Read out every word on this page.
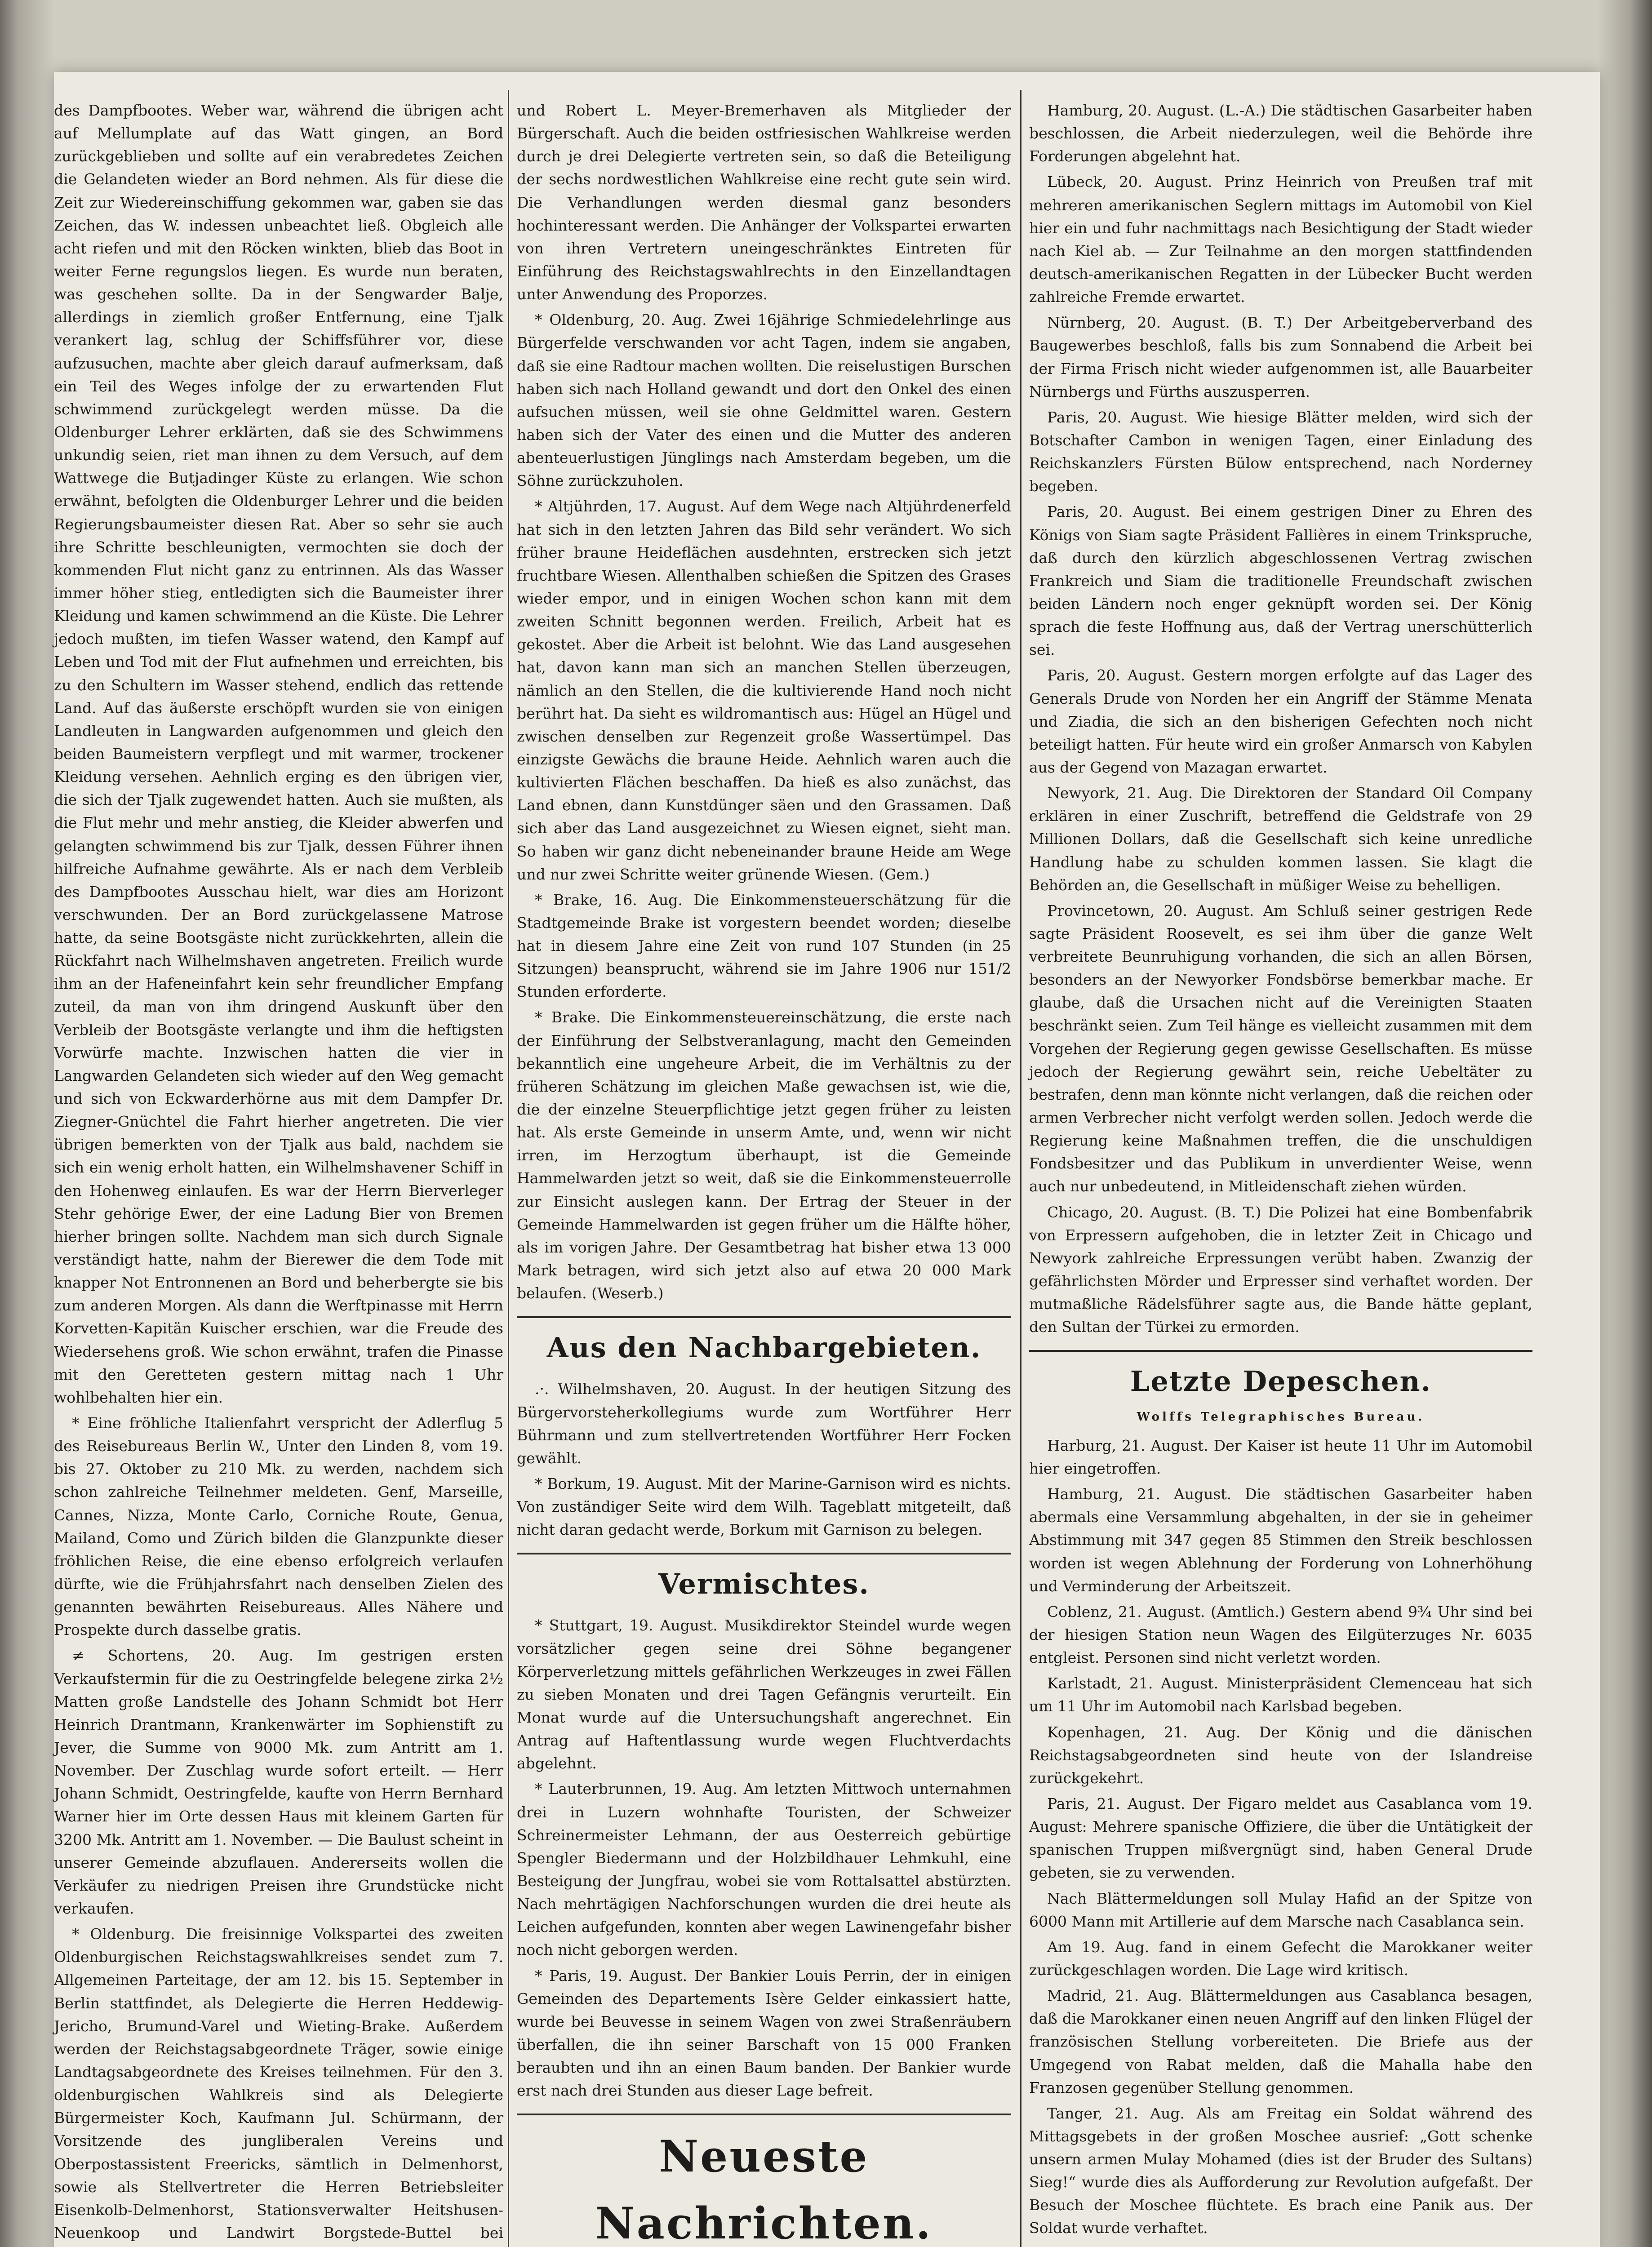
des Dampfbootes. Weber war, während die übrigen acht auf Mellumplate auf das Watt gingen, an Bord zurückgeblieben und sollte auf ein verabredetes Zeichen die Gelandeten wieder an Bord nehmen. Als für diese die Zeit zur Wiedereinschiffung gekommen war, gaben sie das Zeichen, das W. indessen unbeachtet ließ. Obgleich alle acht riefen und mit den Röcken winkten, blieb das Boot in weiter Ferne regungslos liegen. Es wurde nun beraten, was geschehen sollte. Da in der Sengwarder Balje, allerdings in ziemlich großer Entfernung, eine Tjalk verankert lag, schlug der Schiffsführer vor, diese aufzusuchen, machte aber gleich darauf aufmerksam, daß ein Teil des Weges infolge der zu erwartenden Flut schwimmend zurückgelegt werden müsse. Da die Oldenburger Lehrer erklärten, daß sie des Schwimmens unkundig seien, riet man ihnen zu dem Versuch, auf dem Wattwege die Butjadinger Küste zu erlangen. Wie schon erwähnt, befolgten die Oldenburger Lehrer und die beiden Regierungsbaumeister diesen Rat. Aber so sehr sie auch ihre Schritte beschleunigten, vermochten sie doch der kommenden Flut nicht ganz zu entrinnen. Als das Wasser immer höher stieg, entledigten sich die Baumeister ihrer Kleidung und kamen schwimmend an die Küste. Die Lehrer jedoch mußten, im tiefen Wasser watend, den Kampf auf Leben und Tod mit der Flut aufnehmen und erreichten, bis zu den Schultern im Wasser stehend, endlich das rettende Land. Auf das äußerste erschöpft wurden sie von einigen Landleuten in Langwarden aufgenommen und gleich den beiden Baumeistern verpflegt und mit warmer, trockener Kleidung versehen. Aehnlich erging es den übrigen vier, die sich der Tjalk zugewendet hatten. Auch sie mußten, als die Flut mehr und mehr anstieg, die Kleider abwerfen und gelangten schwimmend bis zur Tjalk, dessen Führer ihnen hilfreiche Aufnahme gewährte. Als er nach dem Verbleib des Dampfbootes Ausschau hielt, war dies am Horizont verschwunden. Der an Bord zurückgelassene Matrose hatte, da seine Bootsgäste nicht zurückkehrten, allein die Rückfahrt nach Wilhelmshaven angetreten. Freilich wurde ihm an der Hafeneinfahrt kein sehr freundlicher Empfang zuteil, da man von ihm dringend Auskunft über den Verbleib der Bootsgäste verlangte und ihm die heftigsten Vorwürfe machte. Inzwischen hatten die vier in Langwarden Gelandeten sich wieder auf den Weg gemacht und sich von Eckwarderhörne aus mit dem Dampfer Dr. Ziegner-Gnüchtel die Fahrt hierher angetreten. Die vier übrigen bemerkten von der Tjalk aus bald, nachdem sie sich ein wenig erholt hatten, ein Wilhelmshavener Schiff in den Hohenweg einlaufen. Es war der Herrn Bierverleger Stehr gehörige Ewer, der eine Ladung Bier von Bremen hierher bringen sollte. Nachdem man sich durch Signale verständigt hatte, nahm der Bierewer die dem Tode mit knapper Not Entronnenen an Bord und beherbergte sie bis zum anderen Morgen. Als dann die Werftpinasse mit Herrn Korvetten-Kapitän Kuischer erschien, war die Freude des Wiedersehens groß. Wie schon erwähnt, trafen die Pinasse mit den Geretteten gestern mittag nach 1 Uhr wohlbehalten hier ein.

* Eine fröhliche Italienfahrt verspricht der Adlerflug 5 des Reisebureaus Berlin W., Unter den Linden 8, vom 19. bis 27. Oktober zu 210 Mk. zu werden, nachdem sich schon zahlreiche Teilnehmer meldeten. Genf, Marseille, Cannes, Nizza, Monte Carlo, Corniche Route, Genua, Mailand, Como und Zürich bilden die Glanzpunkte dieser fröhlichen Reise, die eine ebenso erfolgreich verlaufen dürfte, wie die Frühjahrsfahrt nach denselben Zielen des genannten bewährten Reisebureaus. Alles Nähere und Prospekte durch dasselbe gratis.

≠ Schortens, 20. Aug. Im gestrigen ersten Verkaufstermin für die zu Oestringfelde belegene zirka 2½ Matten große Landstelle des Johann Schmidt bot Herr Heinrich Drantmann, Krankenwärter im Sophienstift zu Jever, die Summe von 9000 Mk. zum Antritt am 1. November. Der Zuschlag wurde sofort erteilt. — Herr Johann Schmidt, Oestringfelde, kaufte von Herrn Bernhard Warner hier im Orte dessen Haus mit kleinem Garten für 3200 Mk. Antritt am 1. November. — Die Baulust scheint in unserer Gemeinde abzuflauen. Andererseits wollen die Verkäufer zu niedrigen Preisen ihre Grundstücke nicht verkaufen.

* Oldenburg. Die freisinnige Volkspartei des zweiten Oldenburgischen Reichstagswahlkreises sendet zum 7. Allgemeinen Parteitage, der am 12. bis 15. September in Berlin stattfindet, als Delegierte die Herren Heddewig-Jericho, Brumund-Varel und Wieting-Brake. Außerdem werden der Reichstagsabgeordnete Träger, sowie einige Landtagsabgeordnete des Kreises teilnehmen. Für den 3. oldenburgischen Wahlkreis sind als Delegierte Bürgermeister Koch, Kaufmann Jul. Schürmann, der Vorsitzende des jungliberalen Vereins und Oberpostassistent Freericks, sämtlich in Delmenhorst, sowie als Stellvertreter die Herren Betriebsleiter Eisenkolb-Delmenhorst, Stationsverwalter Heitshusen-Neuenkoop und Landwirt Borgstede-Buttel bei

und Robert L. Meyer-Bremerhaven als Mitglieder der Bürgerschaft. Auch die beiden ostfriesischen Wahlkreise werden durch je drei Delegierte vertreten sein, so daß die Beteiligung der sechs nordwestlichen Wahlkreise eine recht gute sein wird. Die Verhandlungen werden diesmal ganz besonders hochinteressant werden. Die Anhänger der Volkspartei erwarten von ihren Vertretern uneingeschränktes Eintreten für Einführung des Reichstagswahlrechts in den Einzellandtagen unter Anwendung des Proporzes.

* Oldenburg, 20. Aug. Zwei 16jährige Schmiedelehrlinge aus Bürgerfelde verschwanden vor acht Tagen, indem sie angaben, daß sie eine Radtour machen wollten. Die reiselustigen Burschen haben sich nach Holland gewandt und dort den Onkel des einen aufsuchen müssen, weil sie ohne Geldmittel waren. Gestern haben sich der Vater des einen und die Mutter des anderen abenteuerlustigen Jünglings nach Amsterdam begeben, um die Söhne zurückzuholen.

* Altjührden, 17. August. Auf dem Wege nach Altjührdenerfeld hat sich in den letzten Jahren das Bild sehr verändert. Wo sich früher braune Heideflächen ausdehnten, erstrecken sich jetzt fruchtbare Wiesen. Allenthalben schießen die Spitzen des Grases wieder empor, und in einigen Wochen schon kann mit dem zweiten Schnitt begonnen werden. Freilich, Arbeit hat es gekostet. Aber die Arbeit ist belohnt. Wie das Land ausgesehen hat, davon kann man sich an manchen Stellen überzeugen, nämlich an den Stellen, die die kultivierende Hand noch nicht berührt hat. Da sieht es wildromantisch aus: Hügel an Hügel und zwischen denselben zur Regenzeit große Wassertümpel. Das einzigste Gewächs die braune Heide. Aehnlich waren auch die kultivierten Flächen beschaffen. Da hieß es also zunächst, das Land ebnen, dann Kunstdünger säen und den Grassamen. Daß sich aber das Land ausgezeichnet zu Wiesen eignet, sieht man. So haben wir ganz dicht nebeneinander braune Heide am Wege und nur zwei Schritte weiter grünende Wiesen. (Gem.)

* Brake, 16. Aug. Die Einkommensteuerschätzung für die Stadtgemeinde Brake ist vorgestern beendet worden; dieselbe hat in diesem Jahre eine Zeit von rund 107 Stunden (in 25 Sitzungen) beansprucht, während sie im Jahre 1906 nur 151/2 Stunden erforderte.

* Brake. Die Einkommensteuereinschätzung, die erste nach der Einführung der Selbstveranlagung, macht den Gemeinden bekanntlich eine ungeheure Arbeit, die im Verhältnis zu der früheren Schätzung im gleichen Maße gewachsen ist, wie die, die der einzelne Steuerpflichtige jetzt gegen früher zu leisten hat. Als erste Gemeinde in unserm Amte, und, wenn wir nicht irren, im Herzogtum überhaupt, ist die Gemeinde Hammelwarden jetzt so weit, daß sie die Einkommensteuerrolle zur Einsicht auslegen kann. Der Ertrag der Steuer in der Gemeinde Hammelwarden ist gegen früher um die Hälfte höher, als im vorigen Jahre. Der Gesamtbetrag hat bisher etwa 13 000 Mark betragen, wird sich jetzt also auf etwa 20 000 Mark belaufen. (Weserb.)

Aus den Nachbargebieten.

.·. Wilhelmshaven, 20. August. In der heutigen Sitzung des Bürgervorsteherkollegiums wurde zum Wortführer Herr Bührmann und zum stellvertretenden Wortführer Herr Focken gewählt.

* Borkum, 19. August. Mit der Marine-Garnison wird es nichts. Von zuständiger Seite wird dem Wilh. Tageblatt mitgeteilt, daß nicht daran gedacht werde, Borkum mit Garnison zu belegen.

Vermischtes.

* Stuttgart, 19. August. Musikdirektor Steindel wurde wegen vorsätzlicher gegen seine drei Söhne begangener Körperverletzung mittels gefährlichen Werkzeuges in zwei Fällen zu sieben Monaten und drei Tagen Gefängnis verurteilt. Ein Monat wurde auf die Untersuchungshaft angerechnet. Ein Antrag auf Haftentlassung wurde wegen Fluchtverdachts abgelehnt.

* Lauterbrunnen, 19. Aug. Am letzten Mittwoch unternahmen drei in Luzern wohnhafte Touristen, der Schweizer Schreinermeister Lehmann, der aus Oesterreich gebürtige Spengler Biedermann und der Holzbildhauer Lehmkuhl, eine Besteigung der Jungfrau, wobei sie vom Rottalsattel abstürzten. Nach mehrtägigen Nachforschungen wurden die drei heute als Leichen aufgefunden, konnten aber wegen Lawinengefahr bisher noch nicht geborgen werden.

* Paris, 19. August. Der Bankier Louis Perrin, der in einigen Gemeinden des Departements Isère Gelder einkassiert hatte, wurde bei Beuvesse in seinem Wagen von zwei Straßenräubern überfallen, die ihn seiner Barschaft von 15 000 Franken beraubten und ihn an einen Baum banden. Der Bankier wurde erst nach drei Stunden aus dieser Lage befreit.

Neueste Nachrichten.

Hamburg, 20. August. (L.-A.) Die städtischen Gasarbeiter haben beschlossen, die Arbeit niederzulegen, weil die Behörde ihre Forderungen abgelehnt hat.

Lübeck, 20. August. Prinz Heinrich von Preußen traf mit mehreren amerikanischen Seglern mittags im Automobil von Kiel hier ein und fuhr nachmittags nach Besichtigung der Stadt wieder nach Kiel ab. — Zur Teilnahme an den morgen stattfindenden deutsch-amerikanischen Regatten in der Lübecker Bucht werden zahlreiche Fremde erwartet.

Nürnberg, 20. August. (B. T.) Der Arbeitgeberverband des Baugewerbes beschloß, falls bis zum Sonnabend die Arbeit bei der Firma Frisch nicht wieder aufgenommen ist, alle Bauarbeiter Nürnbergs und Fürths auszusperren.

Paris, 20. August. Wie hiesige Blätter melden, wird sich der Botschafter Cambon in wenigen Tagen, einer Einladung des Reichskanzlers Fürsten Bülow entsprechend, nach Norderney begeben.

Paris, 20. August. Bei einem gestrigen Diner zu Ehren des Königs von Siam sagte Präsident Fallières in einem Trinkspruche, daß durch den kürzlich abgeschlossenen Vertrag zwischen Frankreich und Siam die traditionelle Freundschaft zwischen beiden Ländern noch enger geknüpft worden sei. Der König sprach die feste Hoffnung aus, daß der Vertrag unerschütterlich sei.

Paris, 20. August. Gestern morgen erfolgte auf das Lager des Generals Drude von Norden her ein Angriff der Stämme Menata und Ziadia, die sich an den bisherigen Gefechten noch nicht beteiligt hatten. Für heute wird ein großer Anmarsch von Kabylen aus der Gegend von Mazagan erwartet.

Newyork, 21. Aug. Die Direktoren der Standard Oil Company erklären in einer Zuschrift, betreffend die Geldstrafe von 29 Millionen Dollars, daß die Gesellschaft sich keine unredliche Handlung habe zu schulden kommen lassen. Sie klagt die Behörden an, die Gesellschaft in müßiger Weise zu behelligen.

Provincetown, 20. August. Am Schluß seiner gestrigen Rede sagte Präsident Roosevelt, es sei ihm über die ganze Welt verbreitete Beunruhigung vorhanden, die sich an allen Börsen, besonders an der Newyorker Fondsbörse bemerkbar mache. Er glaube, daß die Ursachen nicht auf die Vereinigten Staaten beschränkt seien. Zum Teil hänge es vielleicht zusammen mit dem Vorgehen der Regierung gegen gewisse Gesellschaften. Es müsse jedoch der Regierung gewährt sein, reiche Uebeltäter zu bestrafen, denn man könnte nicht verlangen, daß die reichen oder armen Verbrecher nicht verfolgt werden sollen. Jedoch werde die Regierung keine Maßnahmen treffen, die die unschuldigen Fondsbesitzer und das Publikum in unverdienter Weise, wenn auch nur unbedeutend, in Mitleidenschaft ziehen würden.

Chicago, 20. August. (B. T.) Die Polizei hat eine Bombenfabrik von Erpressern aufgehoben, die in letzter Zeit in Chicago und Newyork zahlreiche Erpressungen verübt haben. Zwanzig der gefährlichsten Mörder und Erpresser sind verhaftet worden. Der mutmaßliche Rädelsführer sagte aus, die Bande hätte geplant, den Sultan der Türkei zu ermorden.

Letzte Depeschen.
Wolffs Telegraphisches Bureau.

Harburg, 21. August. Der Kaiser ist heute 11 Uhr im Automobil hier eingetroffen.

Hamburg, 21. August. Die städtischen Gasarbeiter haben abermals eine Versammlung abgehalten, in der sie in geheimer Abstimmung mit 347 gegen 85 Stimmen den Streik beschlossen worden ist wegen Ablehnung der Forderung von Lohnerhöhung und Verminderung der Arbeitszeit.

Coblenz, 21. August. (Amtlich.) Gestern abend 9¾ Uhr sind bei der hiesigen Station neun Wagen des Eilgüterzuges Nr. 6035 entgleist. Personen sind nicht verletzt worden.

Karlstadt, 21. August. Ministerpräsident Clemenceau hat sich um 11 Uhr im Automobil nach Karlsbad begeben.

Kopenhagen, 21. Aug. Der König und die dänischen Reichstagsabgeordneten sind heute von der Islandreise zurückgekehrt.

Paris, 21. August. Der Figaro meldet aus Casablanca vom 19. August: Mehrere spanische Offiziere, die über die Untätigkeit der spanischen Truppen mißvergnügt sind, haben General Drude gebeten, sie zu verwenden.

Nach Blättermeldungen soll Mulay Hafid an der Spitze von 6000 Mann mit Artillerie auf dem Marsche nach Casablanca sein.

Am 19. Aug. fand in einem Gefecht die Marokkaner weiter zurückgeschlagen worden. Die Lage wird kritisch.

Madrid, 21. Aug. Blättermeldungen aus Casablanca besagen, daß die Marokkaner einen neuen Angriff auf den linken Flügel der französischen Stellung vorbereiteten. Die Briefe aus der Umgegend von Rabat melden, daß die Mahalla habe den Franzosen gegenüber Stellung genommen.

Tanger, 21. Aug. Als am Freitag ein Soldat während des Mittagsgebets in der großen Moschee ausrief: „Gott schenke unsern armen Mulay Mohamed (dies ist der Bruder des Sultans) Sieg!“ wurde dies als Aufforderung zur Revolution aufgefaßt. Der Besuch der Moschee flüchtete. Es brach eine Panik aus. Der Soldat wurde verhaftet.
